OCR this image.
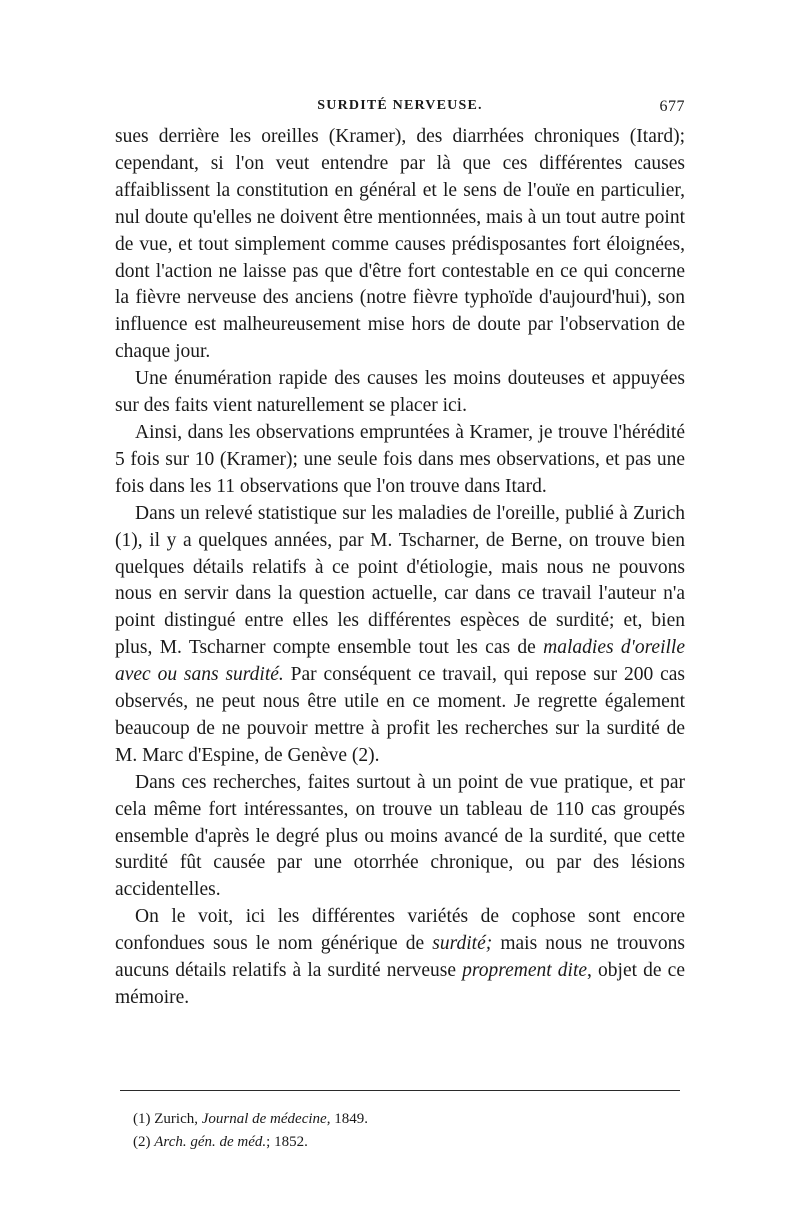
SURDITÉ NERVEUSE.	677

sues derrière les oreilles (Kramer), des diarrhées chroniques (Itard); cependant, si l'on veut entendre par là que ces différentes causes affaiblissent la constitution en général et le sens de l'ouïe en particulier, nul doute qu'elles ne doivent être mentionnées, mais à un tout autre point de vue, et tout simplement comme causes prédisposantes fort éloignées, dont l'action ne laisse pas que d'être fort contestable en ce qui concerne la fièvre nerveuse des anciens (notre fièvre typhoïde d'aujourd'hui), son influence est malheureusement mise hors de doute par l'observation de chaque jour.

Une énumération rapide des causes les moins douteuses et appuyées sur des faits vient naturellement se placer ici.

Ainsi, dans les observations empruntées à Kramer, je trouve l'hérédité 5 fois sur 10 (Kramer); une seule fois dans mes observations, et pas une fois dans les 11 observations que l'on trouve dans Itard.

Dans un relevé statistique sur les maladies de l'oreille, publié à Zurich (1), il y a quelques années, par M. Tscharner, de Berne, on trouve bien quelques détails relatifs à ce point d'étiologie, mais nous ne pouvons nous en servir dans la question actuelle, car dans ce travail l'auteur n'a point distingué entre elles les différentes espèces de surdité; et, bien plus, M. Tscharner compte ensemble tout les cas de maladies d'oreille avec ou sans surdité. Par conséquent ce travail, qui repose sur 200 cas observés, ne peut nous être utile en ce moment. Je regrette également beaucoup de ne pouvoir mettre à profit les recherches sur la surdité de M. Marc d'Espine, de Genève (2).

Dans ces recherches, faites surtout à un point de vue pratique, et par cela même fort intéressantes, on trouve un tableau de 110 cas groupés ensemble d'après le degré plus ou moins avancé de la surdité, que cette surdité fût causée par une otorrhée chronique, ou par des lésions accidentelles.

On le voit, ici les différentes variétés de cophose sont encore confondues sous le nom générique de surdité; mais nous ne trouvons aucuns détails relatifs à la surdité nerveuse proprement dite, objet de ce mémoire.

(1) Zurich, Journal de médecine, 1849.

(2) Arch. gén. de méd.; 1852.
